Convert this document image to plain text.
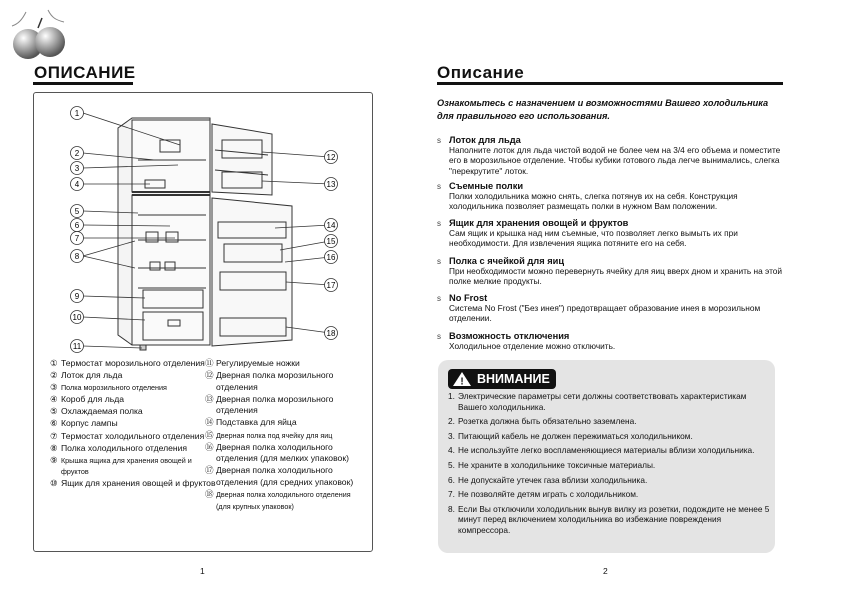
ОПИСАНИЕ
1
2
3
4
5
6
7
8
9
10
11
12
13
14
15
16
17
18
① Термостат морозильного отделения
② Лоток для льда
③ Полка морозильного отделения
④ Короб для льда
⑤ Охлаждаемая полка
⑥ Корпус лампы
⑦ Термостат холодильного отделения
⑧ Полка холодильного отделения
⑨ Крышка ящика для хранения овощей и фруктов
⑩ Ящик для хранения овощей и фруктов
⑪ Регулируемые ножки
⑫ Дверная полка морозильного отделения
⑬ Дверная полка морозильного отделения
⑭ Подставка для яйца
⑮ Дверная полка под ячейку для яиц
⑯ Дверная полка холодильного отделения (для мелких упаковок)
⑰ Дверная полка холодильного отделения (для средних упаковок)
⑱ Дверная полка холодильного отделения (для крупных упаковок)
1
Описание
Ознакомьтесь с назначением и возможностями Вашего холодильника для правильного его использования.
s Лоток для льда
Наполните лоток для льда чистой водой не более чем на 3/4 его объема и поместите его в морозильное отделение. Чтобы кубики готового льда легче вынимались, слегка "перекрутите" лоток.
s Съемные полки
Полки холодильника можно снять, слегка потянув их на себя. Конструкция холодильника позволяет размещать полки в нужном Вам положении.
s Ящик для хранения овощей и фруктов
Сам ящик и крышка над ним съемные, что позволяет легко вымыть их при необходимости. Для извлечения ящика потяните его на себя.
s Полка с ячейкой для яиц
При необходимости можно перевернуть ячейку для яиц вверх дном и хранить на этой полке мелкие продукты.
s No Frost
Система No Frost ("Без инея") предотвращает образование инея в морозильном отделении.
s Возможность отключения
Холодильное отделение можно отключить.
! ВНИМАНИЕ
1. Электрические параметры сети должны соответствовать характеристикам Вашего холодильника.
2. Розетка должна быть обязательно заземлена.
3. Питающий кабель не должен пережиматься холодильником.
4. Не используйте легко воспламеняющиеся материалы вблизи холодильника.
5. Не храните в холодильнике токсичные материалы.
6. Не допускайте утечек газа вблизи холодильника.
7. Не позволяйте детям играть с холодильником.
8. Если Вы отключили холодильник вынув вилку из розетки, подождите не менее 5 минут перед включением холодильника во избежание повреждения компрессора.
2
